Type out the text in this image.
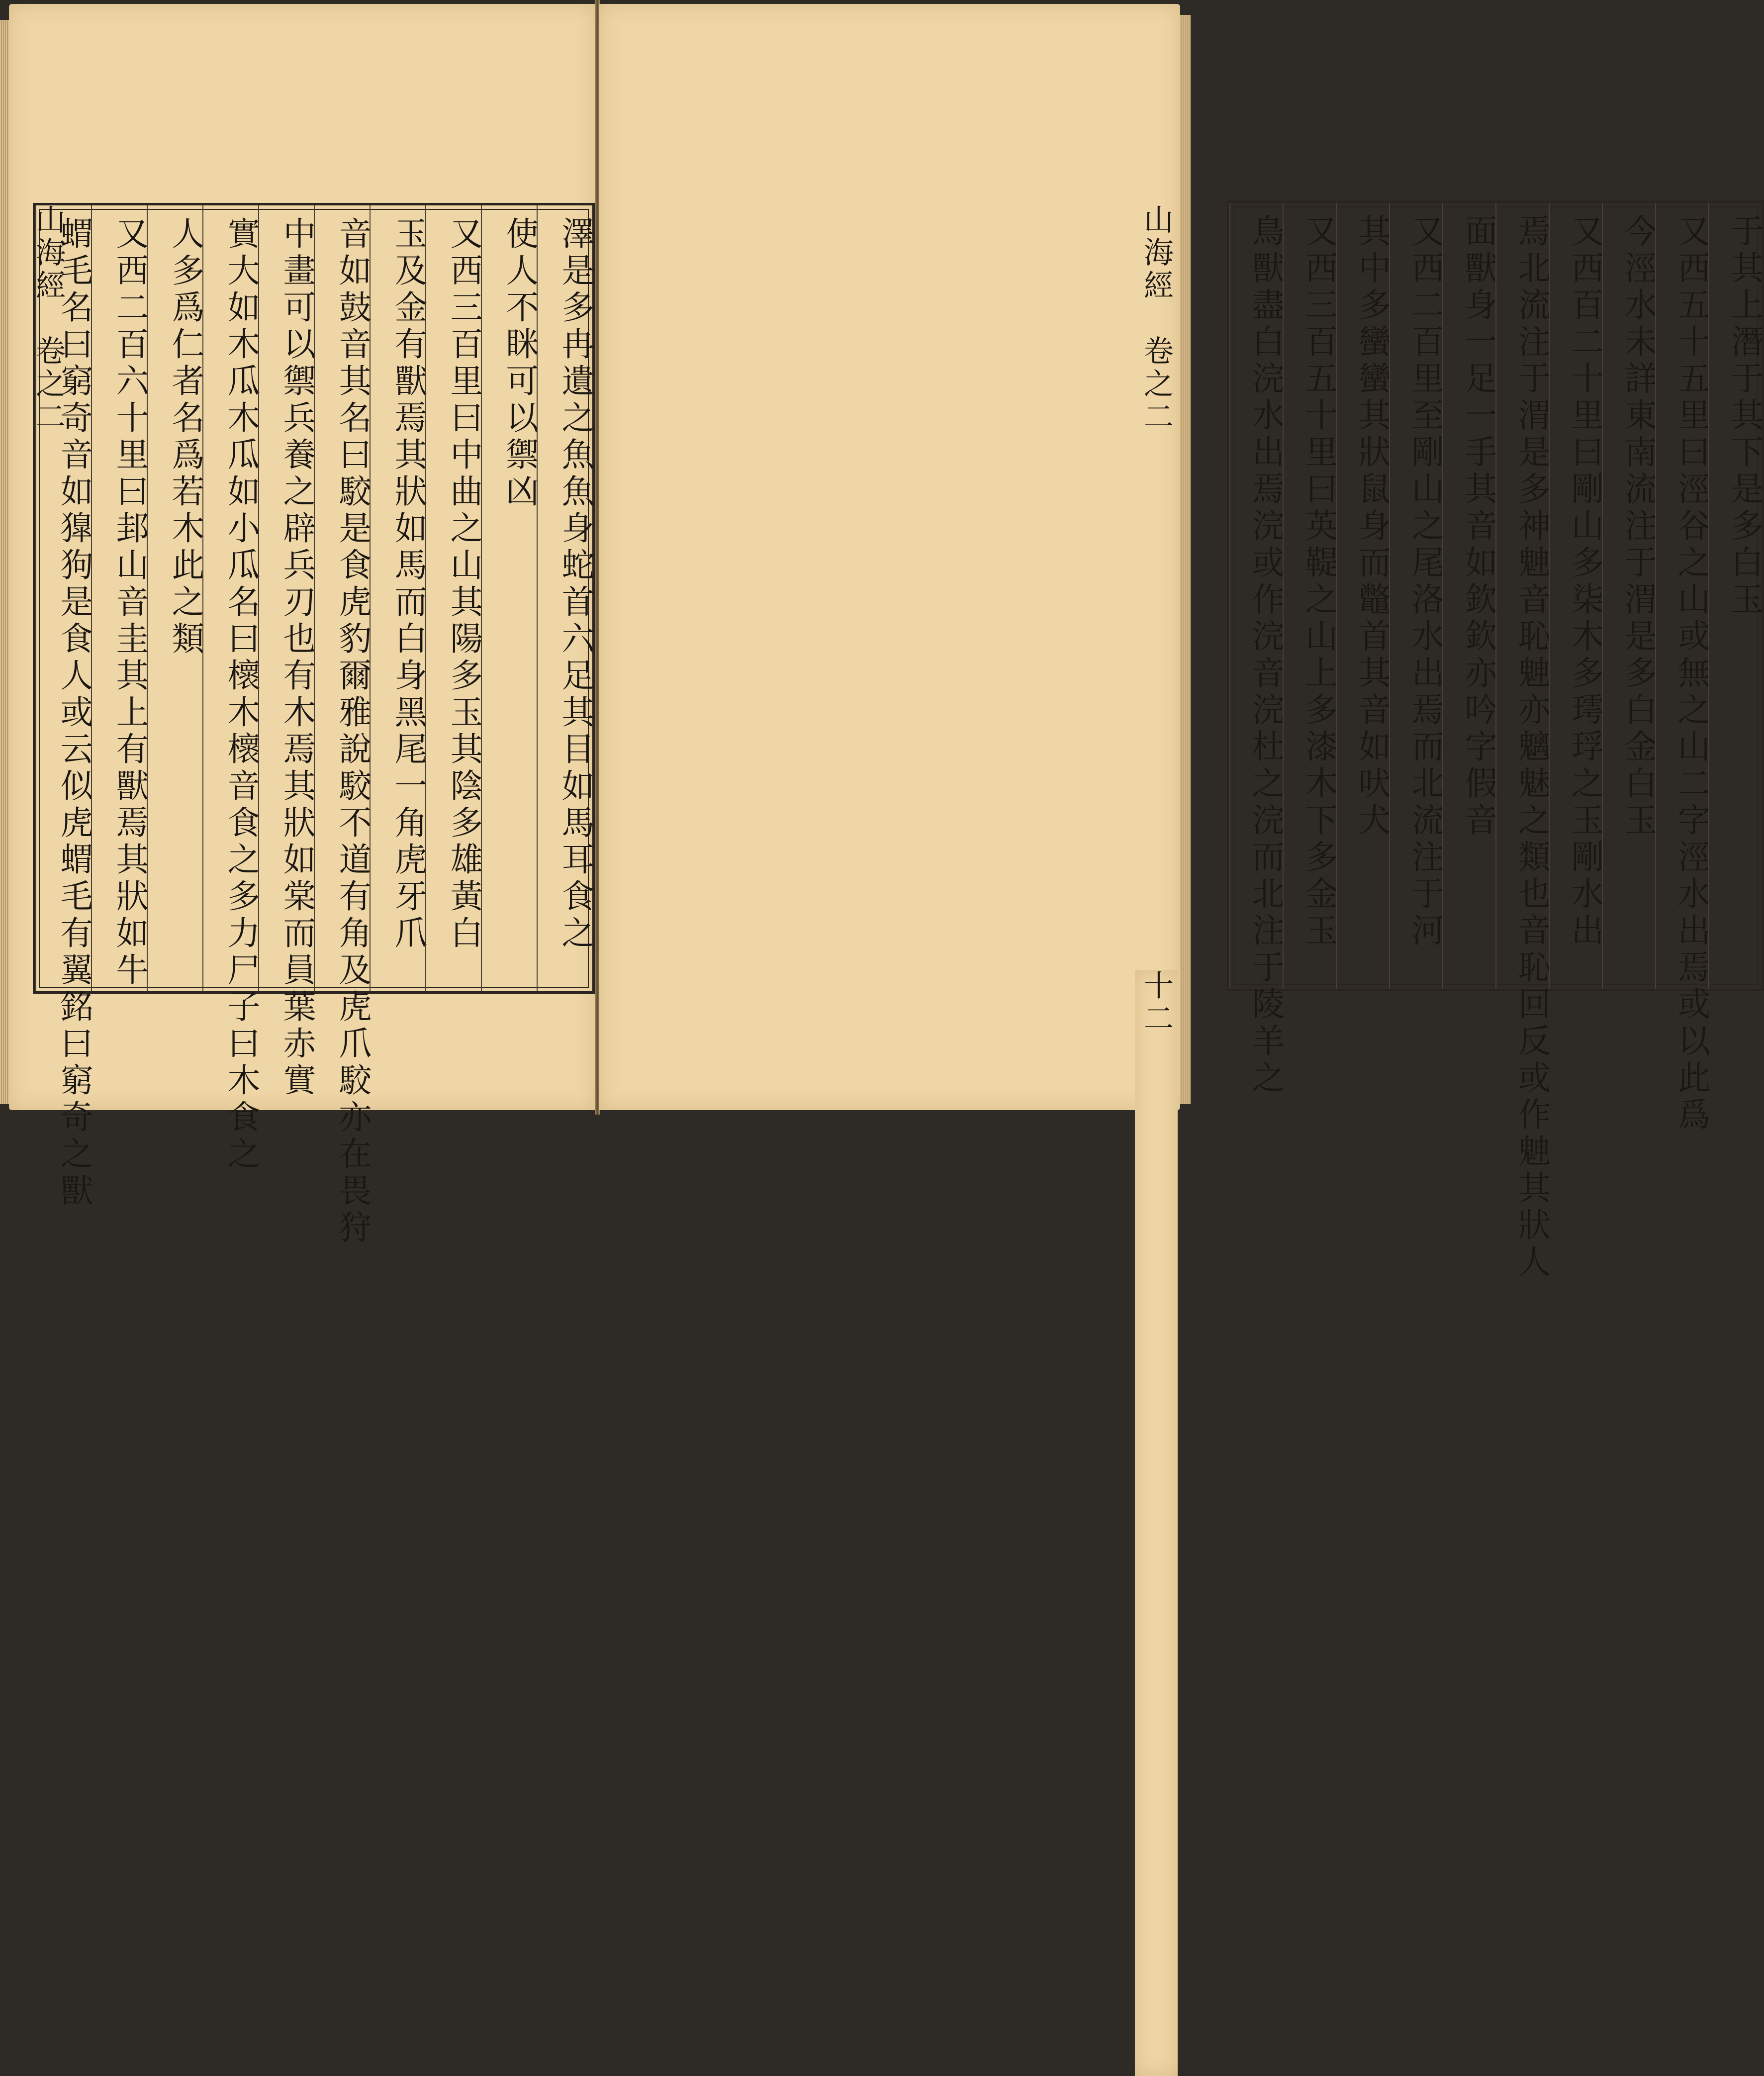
澤是多冉遺之魚魚身蛇首六足其目如馬耳食之
使人不眯可以禦凶
又西三百里曰中曲之山其陽多玉其陰多雄黃白
玉及金有獸焉其狀如馬而白身黑尾一角虎牙爪
音如鼓音其名曰駮是食虎豹爾雅說駮不道有角及虎爪駮亦在畏狩
中畫可以禦兵養之辟兵刃也有木焉其狀如棠而員葉赤實
實大如木瓜木瓜如小瓜名曰櫰木櫰音食之多力尸子曰木食之
人多爲仁者名爲若木此之類
又西二百六十里曰邽山音圭其上有獸焉其狀如牛
蝟毛名曰窮奇音如獋狗是食人或云似虎蝟毛有翼銘曰窮奇之獸	于其上潛于其下是多白玉
又西五十五里曰涇谷之山或無之山二字涇水出焉或以此爲
今涇水未詳東南流注于渭是多白金白玉
又西百二十里曰剛山多柒木多㻬琈之玉剛水出
焉北流注于渭是多神䰠音恥䰠亦魑魅之類也音恥回反或作䰠其狀人
面獸身一足一手其音如欽欽亦吟字假音
又西二百里至剛山之尾洛水出焉而北流注于河
其中多蠻蠻其狀鼠身而鼈首其音如吠犬
又西三百五十里曰英鞮之山上多漆木下多金玉
鳥獸盡白浣水出焉浣或作浣音浣杜之浣而北注于陵羊之
山海經　卷之二
山海經　卷之二
十二
